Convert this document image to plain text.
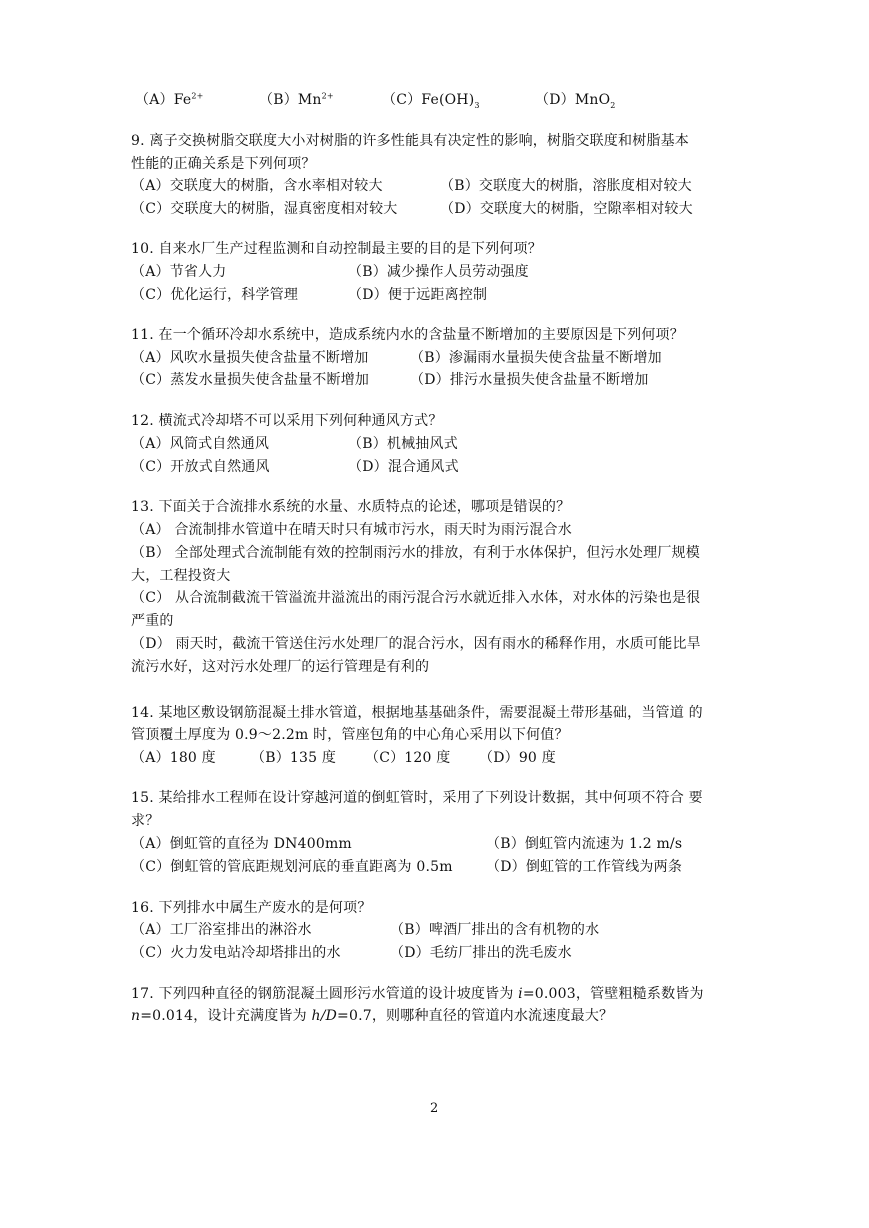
$(A)Fe^{2+}$	$(B)Mn^{2+}$	$(C)Fe(OH)_3$	（D）MnO$_2$
9. 离子交换树脂交联度大小对树脂的许多性能具有决定性的影响，树脂交联度和树脂基本
性能的正确关系是下列何项？
（A）交联度大的树脂，含水率相对较大	（B）交联度大的树脂，溶胀度相对较大
（C）交联度大的树脂，湿真密度相对较大	（D）交联度大的树脂，空隙率相对较大
10. 自来水厂生产过程监测和自动控制最主要的目的是下列何项？
（A）节省人力	（B）减少操作人员劳动强度
（C）优化运行，科学管理	（D）便于远距离控制
11. 在一个循环冷却水系统中，造成系统内水的含盐量不断增加的主要原因是下列何项？
（A）风吹水量损失使含盐量不断增加	（B）渗漏雨水量损失使含盐量不断增加
（C）蒸发水量损失使含盐量不断增加	（D）排污水量损失使含盐量不断增加
12. 横流式冷却塔不可以采用下列何种通风方式？
（A）风筒式自然通风	（B）机械抽风式
（C）开放式自然通风	（D）混合通风式
13. 下面关于合流排水系统的水量、水质特点的论述，哪项是错误的？
（A） 合流制排水管道中在晴天时只有城市污水，雨天时为雨污混合水
（B） 全部处理式合流制能有效的控制雨污水的排放，有利于水体保护，但污水处理厂规模
大，工程投资大
（C） 从合流制截流干管溢流井溢流出的雨污混合污水就近排入水体，对水体的污染也是很
严重的
（D） 雨天时，截流干管送住污水处理厂的混合污水，因有雨水的稀释作用，水质可能比旱
流污水好，这对污水处理厂的运行管理是有利的
14. 某地区敷设钢筋混凝土排水管道，根据地基基础条件，需要混凝土带形基础，当管道 的
管顶覆土厚度为 0.9～2.2m 时，管座包角的中心角心采用以下何值？
（A）180 度	（B）135 度 （C）120 度 （D）90 度
15. 某给排水工程师在设计穿越河道的倒虹管时，采用了下列设计数据，其中何项不符合 要
求？
（A）倒虹管的直径为 DN400mm	（B）倒虹管内流速为 1.2 m/s
（C）倒虹管的管底距规划河底的垂直距离为 0.5m （D）倒虹管的工作管线为两条
16. 下列排水中属生产废水的是何项？
（A）工厂浴室排出的淋浴水	（B）啤酒厂排出的含有机物的水
（C）火力发电站冷却塔排出的水	（D）毛纺厂排出的洗毛废水
17. 下列四种直径的钢筋混凝土圆形污水管道的设计坡度皆为 i=0.003，管壁粗糙系数皆为
n=0.014，设计充满度皆为 h/D=0.7，则哪种直径的管道内水流速度最大？
2
